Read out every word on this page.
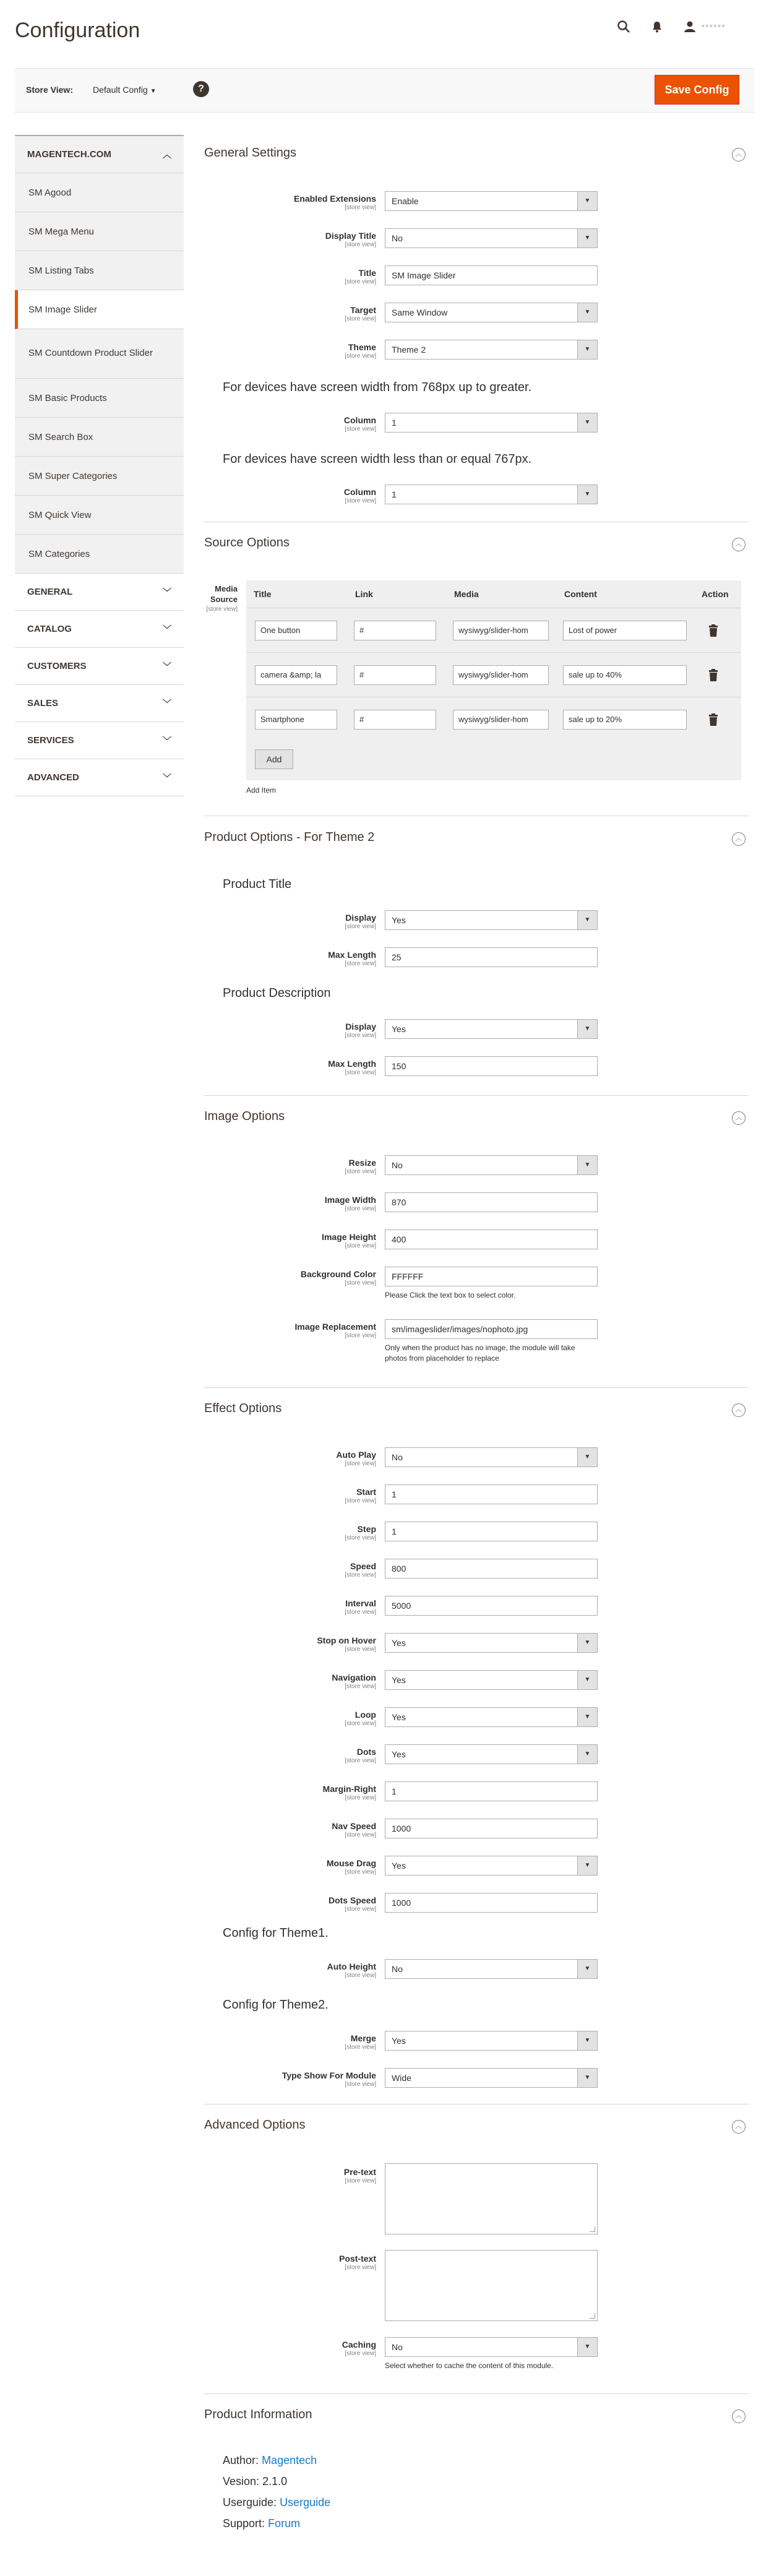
Configuration	••••••
Store View: Default Config ▼	?	Save Config
MAGENTECH.COM	︿
SM Agood
SM Mega Menu
SM Listing Tabs
SM Image Slider
SM Countdown Product Slider
SM Basic Products
SM Search Box
SM Super Categories
SM Quick View
SM Categories
GENERAL	﹀
CATALOG	﹀
CUSTOMERS	﹀
SALES	﹀
SERVICES	﹀
ADVANCED	﹀
General Settings	︿
Enabled Extensions
[store view]
Enable	▼
Display Title
[store view]
No	▼
Title
[store view]
SM Image Slider
Target
[store view]
Same Window	▼
Theme
[store view]
Theme 2	▼
For devices have screen width from 768px up to greater.
Column
[store view]
1	▼
For devices have screen width less than or equal 767px.
Column
[store view]
1	▼
Source Options	︿
Media Source
[store view]
Title	Link	Media	Content	Action
One button	#	wysiwyg/slider-hom	Lost of power
camera &amp; la	#	wysiwyg/slider-hom	sale up to 40%
Smartphone	#	wysiwyg/slider-hom	sale up to 20%
Add
Add Item
Product Options - For Theme 2	︿
Product Title
Display
[store view]
Yes	▼
Max Length
[store view]
25
Product Description
Display
[store view]
Yes	▼
Max Length
[store view]
150
Image Options	︿
Resize
[store view]
No	▼
Image Width
[store view]
870
Image Height
[store view]
400
Background Color
[store view]
FFFFFF
Please Click the text box to select color.
Image Replacement
[store view]
sm/imageslider/images/nophoto.jpg
Only when the product has no image, the module will take photos from placeholder to replace
Effect Options	︿
Auto Play
[store view]
No	▼
Start
[store view]
1
Step
[store view]
1
Speed
[store view]
800
Interval
[store view]
5000
Stop on Hover
[store view]
Yes	▼
Navigation
[store view]
Yes	▼
Loop
[store view]
Yes	▼
Dots
[store view]
Yes	▼
Margin-Right
[store view]
1
Nav Speed
[store view]
1000
Mouse Drag
[store view]
Yes	▼
Dots Speed
[store view]
1000
Config for Theme1.
Auto Height
[store view]
No	▼
Config for Theme2.
Merge
[store view]
Yes	▼
Type Show For Module
[store view]
Wide	▼
Advanced Options	︿
Pre-text
[store view]
Post-text
[store view]
Caching
[store view]
No	▼
Select whether to cache the content of this module.
Product Information	︿
Author: Magentech
Vesion: 2.1.0
Userguide: Userguide
Support: Forum
